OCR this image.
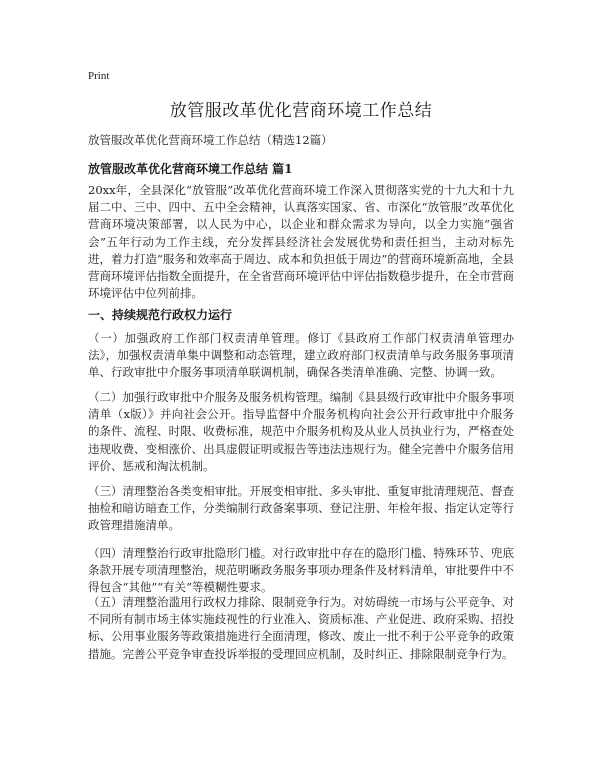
Print
放管服改革优化营商环境工作总结
放管服改革优化营商环境工作总结（精选12篇）
放管服改革优化营商环境工作总结 篇1

20xx年，全县深化“放管服”改革优化营商环境工作深入贯彻落实党的十九大和十九届二中、三中、四中、五中全会精神，认真落实国家、省、市深化“放管服”改革优化营商环境决策部署，以人民为中心，以企业和群众需求为导向，以全力实施“强省会”五年行动为工作主线，充分发挥县经济社会发展优势和责任担当，主动对标先进，着力打造“服务和效率高于周边、成本和负担低于周边”的营商环境新高地，全县营商环境评估指数全面提升，在全省营商环境评估中评估指数稳步提升，在全市营商环境评估中位列前排。

一、持续规范行政权力运行

（一）加强政府工作部门权责清单管理。修订《县政府工作部门权责清单管理办法》，加强权责清单集中调整和动态管理，建立政府部门权责清单与政务服务事项清单、行政审批中介服务事项清单联调机制，确保各类清单准确、完整、协调一致。

（二）加强行政审批中介服务及服务机构管理。编制《县县级行政审批中介服务事项清单（x版）》并向社会公开。指导监督中介服务机构向社会公开行政审批中介服务的条件、流程、时限、收费标准，规范中介服务机构及从业人员执业行为，严格查处违规收费、变相涨价、出具虚假证明或报告等违法违规行为。健全完善中介服务信用评价、惩戒和淘汰机制。

（三）清理整治各类变相审批。开展变相审批、多头审批、重复审批清理规范、督查抽检和暗访暗查工作，分类编制行政备案事项、登记注册、年检年报、指定认定等行政管理措施清单。

（四）清理整治行政审批隐形门槛。对行政审批中存在的隐形门槛、特殊环节、兜底条款开展专项清理整治，规范明晰政务服务事项办理条件及材料清单，审批要件中不得包含“其他”“有关”等模糊性要求。

（五）清理整治滥用行政权力排除、限制竞争行为。对妨碍统一市场与公平竞争、对不同所有制市场主体实施歧视性的行业准入、资质标准、产业促进、政府采购、招投标、公用事业服务等政策措施进行全面清理，修改、废止一批不利于公平竞争的政策措施。完善公平竞争审查投诉举报的受理回应机制，及时纠正、排除限制竞争行为。
